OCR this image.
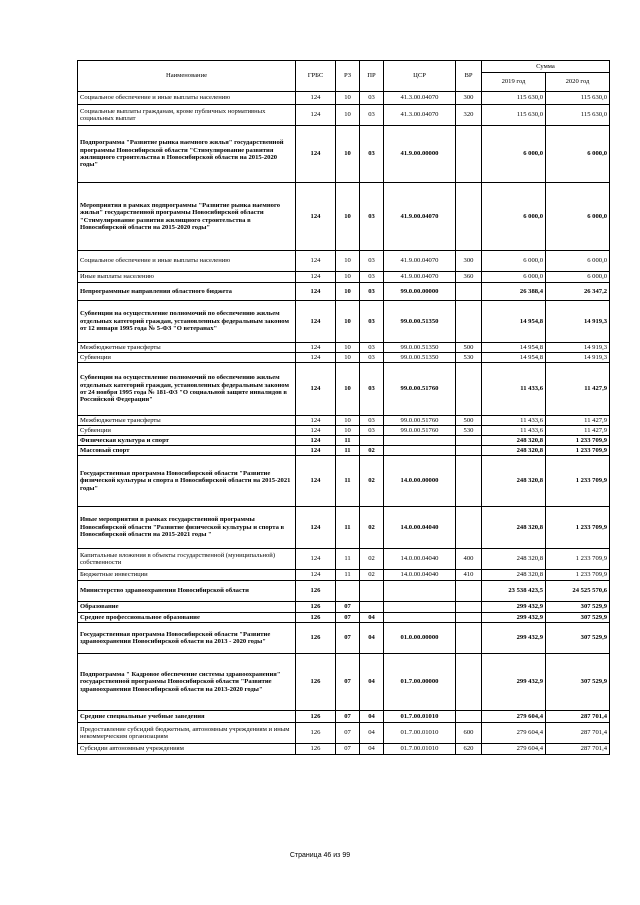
Наименование	ГРБС	РЗ	ПР	ЦСР	ВР	Сумма	
						2019 год	2020 год
Социальное обеспечение и иные выплаты населению	124	10	03	41.3.00.04070	300	115 630,0	115 630,0
Социальные выплаты гражданам, кроме публичных нормативных социальных выплат	124	10	03	41.3.00.04070	320	115 630,0	115 630,0
Подпрограмма "Развитие рынка наемного жилья" государственной программы Новосибирской области "Стимулирование развития жилищного строительства в Новосибирской области на 2015-2020 годы"	124	10	03	41.9.00.00000		6 000,0	6 000,0
Мероприятия в рамках подпрограммы "Развитие рынка наемного жилья" государственной программы Новосибирской области "Стимулирование развития жилищного строительства в Новосибирской области на 2015-2020 годы"	124	10	03	41.9.00.04070		6 000,0	6 000,0
Социальное обеспечение и иные выплаты населению	124	10	03	41.9.00.04070	300	6 000,0	6 000,0
Иные выплаты населению	124	10	03	41.9.00.04070	360	6 000,0	6 000,0
Непрограммные направления областного бюджета	124	10	03	99.0.00.00000		26 388,4	26 347,2
Субвенции на осуществление полномочий по обеспечению жильем отдельных категорий граждан, установленных федеральным законом от 12 января 1995 года № 5-ФЗ "О ветеранах"	124	10	03	99.0.00.51350		14 954,8	14 919,3
Межбюджетные трансферты	124	10	03	99.0.00.51350	500	14 954,8	14 919,3
Субвенции	124	10	03	99.0.00.51350	530	14 954,8	14 919,3
Субвенции на осуществление полномочий по обеспечению жильем отдельных категорий граждан, установленных федеральным законом от 24 ноября 1995 года № 181-ФЗ "О социальной защите инвалидов в Российской Федерации"	124	10	03	99.0.00.51760		11 433,6	11 427,9
Межбюджетные трансферты	124	10	03	99.0.00.51760	500	11 433,6	11 427,9
Субвенции	124	10	03	99.0.00.51760	530	11 433,6	11 427,9
Физическая культура и спорт	124	11				248 320,8	1 233 709,9
Массовый спорт	124	11	02			248 320,8	1 233 709,9
Государственная программа Новосибирской области "Развитие физической культуры и спорта в Новосибирской области на 2015-2021 годы"	124	11	02	14.0.00.00000		248 320,8	1 233 709,9
Иные мероприятия в рамках государственной программы Новосибирской области "Развитие физической культуры и спорта в Новосибирской области на 2015-2021 годы "	124	11	02	14.0.00.04040		248 320,8	1 233 709,9
Капитальные вложения в объекты государственной (муниципальной) собственности	124	11	02	14.0.00.04040	400	248 320,8	1 233 709,9
Бюджетные инвестиции	124	11	02	14.0.00.04040	410	248 320,8	1 233 709,9
Министерство здравоохранения Новосибирской области	126					23 538 423,5	24 525 570,6
Образование	126	07				299 432,9	307 529,9
Среднее профессиональное образование	126	07	04			299 432,9	307 529,9
Государственная программа Новосибирской области "Развитие здравоохранения Новосибирской области на 2013 - 2020 годы"	126	07	04	01.0.00.00000		299 432,9	307 529,9
Подпрограмма " Кадровое обеспечение системы здравоохранения" государственной программы Новосибирской области "Развитие здравоохранения Новосибирской области на 2013-2020 годы"	126	07	04	01.7.00.00000		299 432,9	307 529,9
Средние специальные учебные заведения	126	07	04	01.7.00.01010		279 604,4	287 701,4
Предоставление субсидий бюджетным, автономным учреждениям и иным некоммерческим организациям	126	07	04	01.7.00.01010	600	279 604,4	287 701,4
Субсидии автономным учреждениям	126	07	04	01.7.00.01010	620	279 604,4	287 701,4
Страница 46 из 99
